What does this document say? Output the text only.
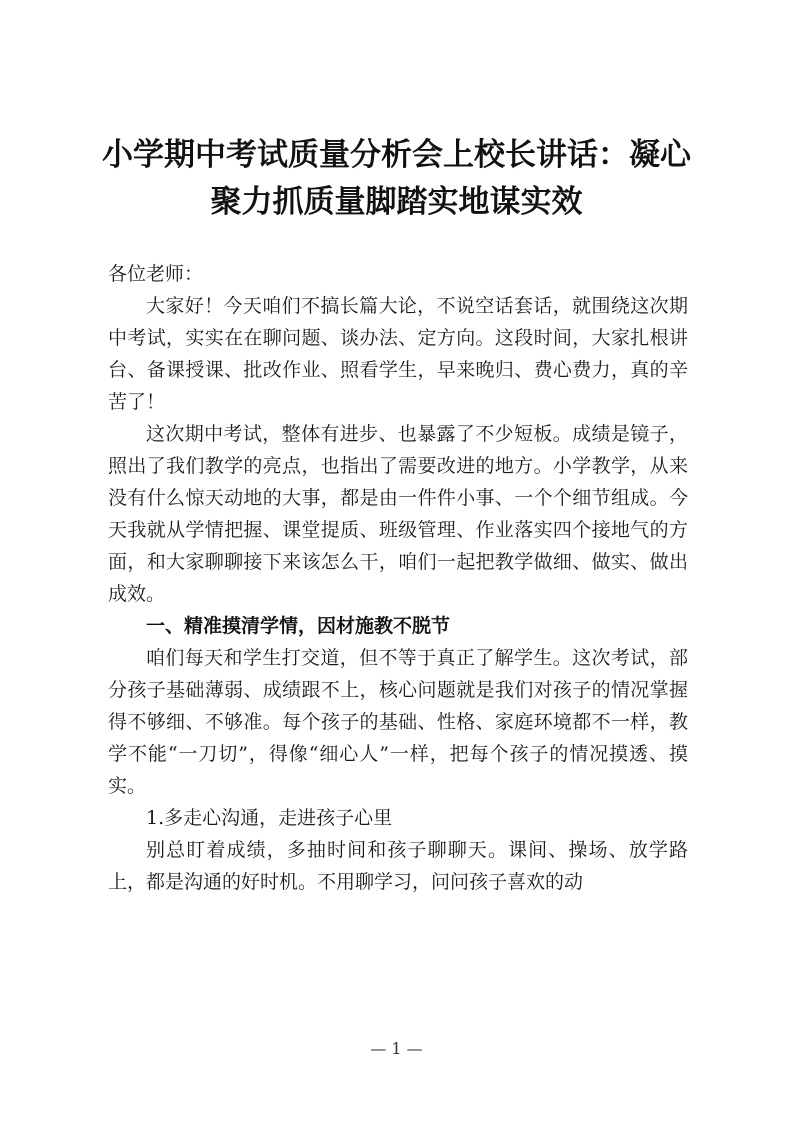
小学期中考试质量分析会上校长讲话：凝心聚力抓质量脚踏实地谋实效

各位老师：

大家好！今天咱们不搞长篇大论，不说空话套话，就围绕这次期中考试，实实在在聊问题、谈办法、定方向。这段时间，大家扎根讲台、备课授课、批改作业、照看学生，早来晚归、费心费力，真的辛苦了！

这次期中考试，整体有进步、也暴露了不少短板。成绩是镜子，照出了我们教学的亮点，也指出了需要改进的地方。小学教学，从来没有什么惊天动地的大事，都是由一件件小事、一个个细节组成。今天我就从学情把握、课堂提质、班级管理、作业落实四个接地气的方面，和大家聊聊接下来该怎么干，咱们一起把教学做细、做实、做出成效。

一、精准摸清学情，因材施教不脱节

咱们每天和学生打交道，但不等于真正了解学生。这次考试，部分孩子基础薄弱、成绩跟不上，核心问题就是我们对孩子的情况掌握得不够细、不够准。每个孩子的基础、性格、家庭环境都不一样，教学不能“一刀切”，得像“细心人”一样，把每个孩子的情况摸透、摸实。

1.多走心沟通，走进孩子心里

别总盯着成绩，多抽时间和孩子聊聊天。课间、操场、放学路上，都是沟通的好时机。不用聊学习，问问孩子喜欢的动

— 1 —
